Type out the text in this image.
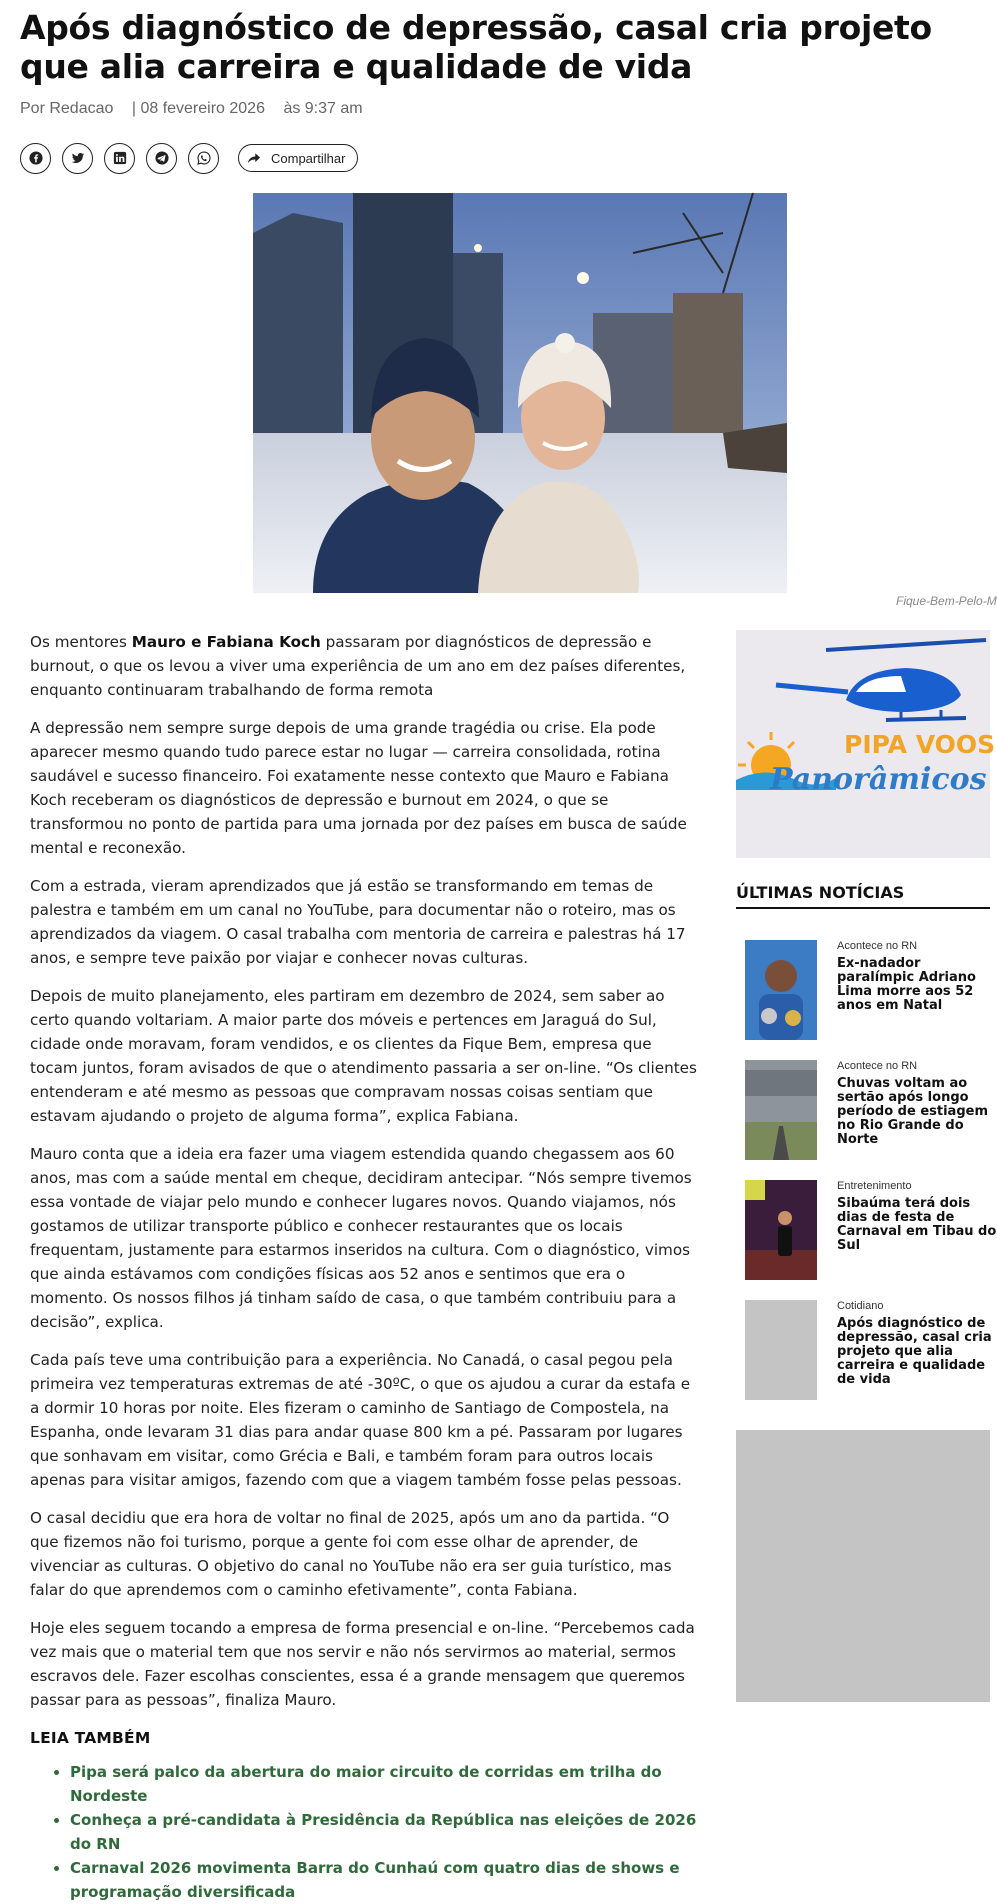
Após diagnóstico de depressão, casal cria projeto que alia carreira e qualidade de vida
Por Redacao | 08 fevereiro 2026 às 9:37 am
Compartilhar
Fique-Bem-Pelo-M

Os mentores Mauro e Fabiana Koch passaram por diagnósticos de depressão e burnout, o que os levou a viver uma experiência de um ano em dez países diferentes, enquanto continuaram trabalhando de forma remota

A depressão nem sempre surge depois de uma grande tragédia ou crise. Ela pode aparecer mesmo quando tudo parece estar no lugar — carreira consolidada, rotina saudável e sucesso financeiro. Foi exatamente nesse contexto que Mauro e Fabiana Koch receberam os diagnósticos de depressão e burnout em 2024, o que se transformou no ponto de partida para uma jornada por dez países em busca de saúde mental e reconexão.

Com a estrada, vieram aprendizados que já estão se transformando em temas de palestra e também em um canal no YouTube, para documentar não o roteiro, mas os aprendizados da viagem. O casal trabalha com mentoria de carreira e palestras há 17 anos, e sempre teve paixão por viajar e conhecer novas culturas.

Depois de muito planejamento, eles partiram em dezembro de 2024, sem saber ao certo quando voltariam. A maior parte dos móveis e pertences em Jaraguá do Sul, cidade onde moravam, foram vendidos, e os clientes da Fique Bem, empresa que tocam juntos, foram avisados de que o atendimento passaria a ser on-line. “Os clientes entenderam e até mesmo as pessoas que compravam nossas coisas sentiam que estavam ajudando o projeto de alguma forma”, explica Fabiana.

Mauro conta que a ideia era fazer uma viagem estendida quando chegassem aos 60 anos, mas com a saúde mental em cheque, decidiram antecipar. “Nós sempre tivemos essa vontade de viajar pelo mundo e conhecer lugares novos. Quando viajamos, nós gostamos de utilizar transporte público e conhecer restaurantes que os locais frequentam, justamente para estarmos inseridos na cultura. Com o diagnóstico, vimos que ainda estávamos com condições físicas aos 52 anos e sentimos que era o momento. Os nossos filhos já tinham saído de casa, o que também contribuiu para a decisão”, explica.

Cada país teve uma contribuição para a experiência. No Canadá, o casal pegou pela primeira vez temperaturas extremas de até -30ºC, o que os ajudou a curar da estafa e a dormir 10 horas por noite. Eles fizeram o caminho de Santiago de Compostela, na Espanha, onde levaram 31 dias para andar quase 800 km a pé. Passaram por lugares que sonhavam em visitar, como Grécia e Bali, e também foram para outros locais apenas para visitar amigos, fazendo com que a viagem também fosse pelas pessoas.

O casal decidiu que era hora de voltar no final de 2025, após um ano da partida. “O que fizemos não foi turismo, porque a gente foi com esse olhar de aprender, de vivenciar as culturas. O objetivo do canal no YouTube não era ser guia turístico, mas falar do que aprendemos com o caminho efetivamente”, conta Fabiana.

Hoje eles seguem tocando a empresa de forma presencial e on-line. “Percebemos cada vez mais que o material tem que nos servir e não nós servirmos ao material, sermos escravos dele. Fazer escolhas conscientes, essa é a grande mensagem que queremos passar para as pessoas”, finaliza Mauro.

LEIA TAMBÉM
• Pipa será palco da abertura do maior circuito de corridas em trilha do Nordeste
• Conheça a pré-candidata à Presidência da República nas eleições de 2026 do RN
• Carnaval 2026 movimenta Barra do Cunhaú com quatro dias de shows e programação diversificada
PIPA VOOS
Panorâmicos
ÚLTIMAS NOTÍCIAS
Acontece no RN
Ex-nadador paralímpic Adriano Lima morre aos 52 anos em Natal
Acontece no RN
Chuvas voltam ao sertão após longo período de estiagem no Rio Grande do Norte
Entretenimento
Sibaúma terá dois dias de festa de Carnaval em Tibau do Sul
Cotidiano
Após diagnóstico de depressão, casal cria projeto que alia carreira e qualidade de vida
